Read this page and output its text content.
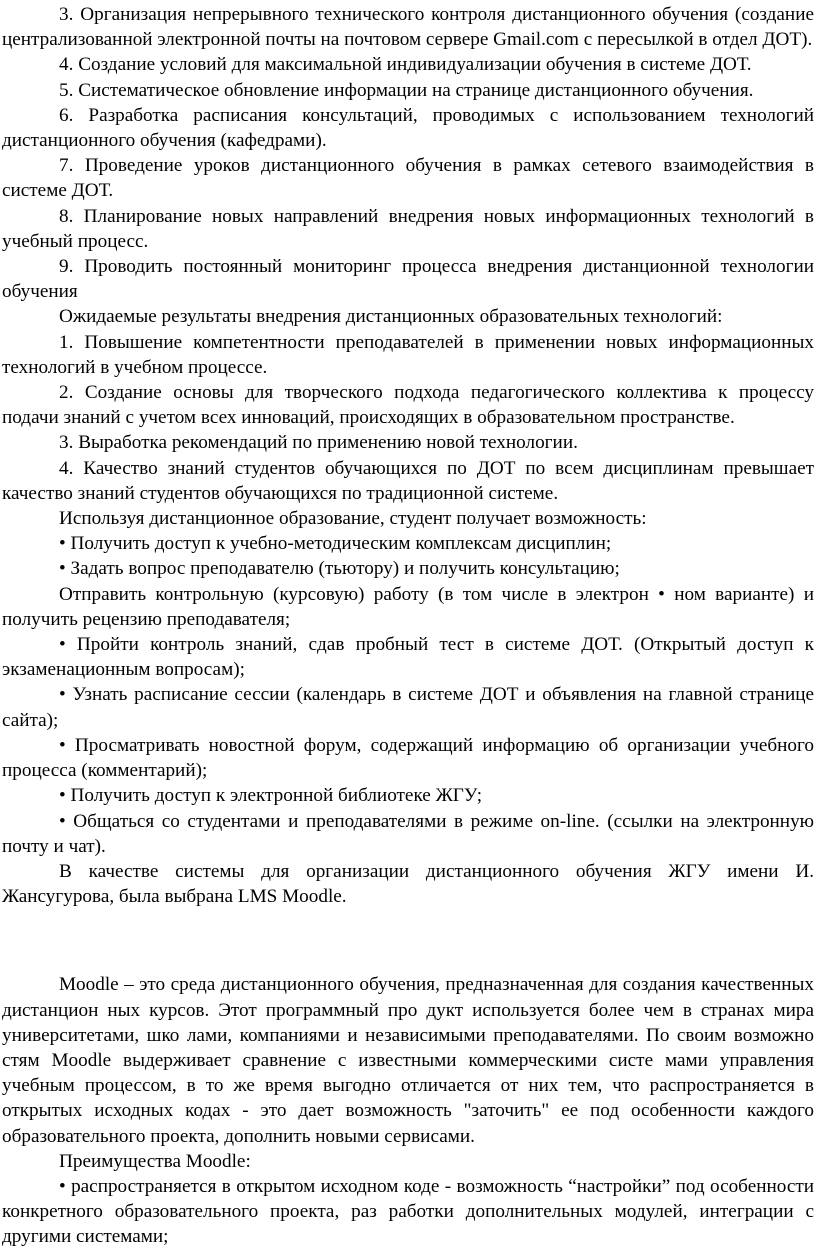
3. Организация непрерывного технического контроля дистанционного обучения (создание централизованной электронной почты на почтовом сервере Gmail.com с пересылкой в отдел ДОТ).

4. Создание условий для максимальной индивидуализации обучения в системе ДОТ.

5. Систематическое обновление информации на странице дистанционного обучения.

6. Разработка расписания консультаций, проводимых с использованием технологий дистанционного обучения (кафедрами).

7. Проведение уроков дистанционного обучения в рамках сетевого взаимодействия в системе ДОТ.

8. Планирование новых направлений внедрения новых информационных технологий в учебный процесс.

9. Проводить постоянный мониторинг процесса внедрения дистанционной технологии обучения

Ожидаемые результаты внедрения дистанционных образовательных технологий:

1. Повышение компетентности преподавателей в применении новых информационных технологий в учебном процессе.

2. Создание основы для творческого подхода педагогического коллектива к процессу подачи знаний с учетом всех инноваций, происходящих в образовательном пространстве.

3. Выработка рекомендаций по применению новой технологии.

4. Качество знаний студентов обучающихся по ДОТ по всем дисциплинам превышает качество знаний студентов обучающихся по традиционной системе.

Используя дистанционное образование, студент получает возможность:

• Получить доступ к учебно-методическим комплексам дисциплин;

• Задать вопрос преподавателю (тьютору) и получить консультацию;

Отправить контрольную (курсовую) работу (в том числе в электрон • ном варианте) и получить рецензию преподавателя;

• Пройти контроль знаний, сдав пробный тест в системе ДОТ. (Открытый доступ к экзаменационным вопросам);

• Узнать расписание сессии (календарь в системе ДОТ и объявления на главной странице сайта);

• Просматривать новостной форум, содержащий информацию об организации учебного процесса (комментарий);

• Получить доступ к электронной библиотеке ЖГУ;

• Общаться со студентами и преподавателями в режиме on-line. (ссылки на электронную почту и чат).

В качестве системы для организации дистанционного обучения ЖГУ имени И. Жансугурова, была выбрана LMS Moodle.

Moodle – это среда дистанционного обучения, предназначенная для создания качественных дистанцион ных курсов. Этот программный про дукт используется более чем в странах мира университетами, шко лами, компаниями и независимыми преподавателями. По своим возможно стям Moodle выдерживает сравнение с известными коммерческими систе мами управления учебным процессом, в то же время выгодно отличается от них тем, что распространяется в открытых исходных кодах - это дает возможность "заточить" ее под особенности каждого образовательного проекта, дополнить новыми сервисами.

Преимущества Moodle:

• распространяется в открытом исходном коде - возможность “настройки” под особенности конкретного образовательного проекта, раз работки дополнительных модулей, интеграции с другими системами;
